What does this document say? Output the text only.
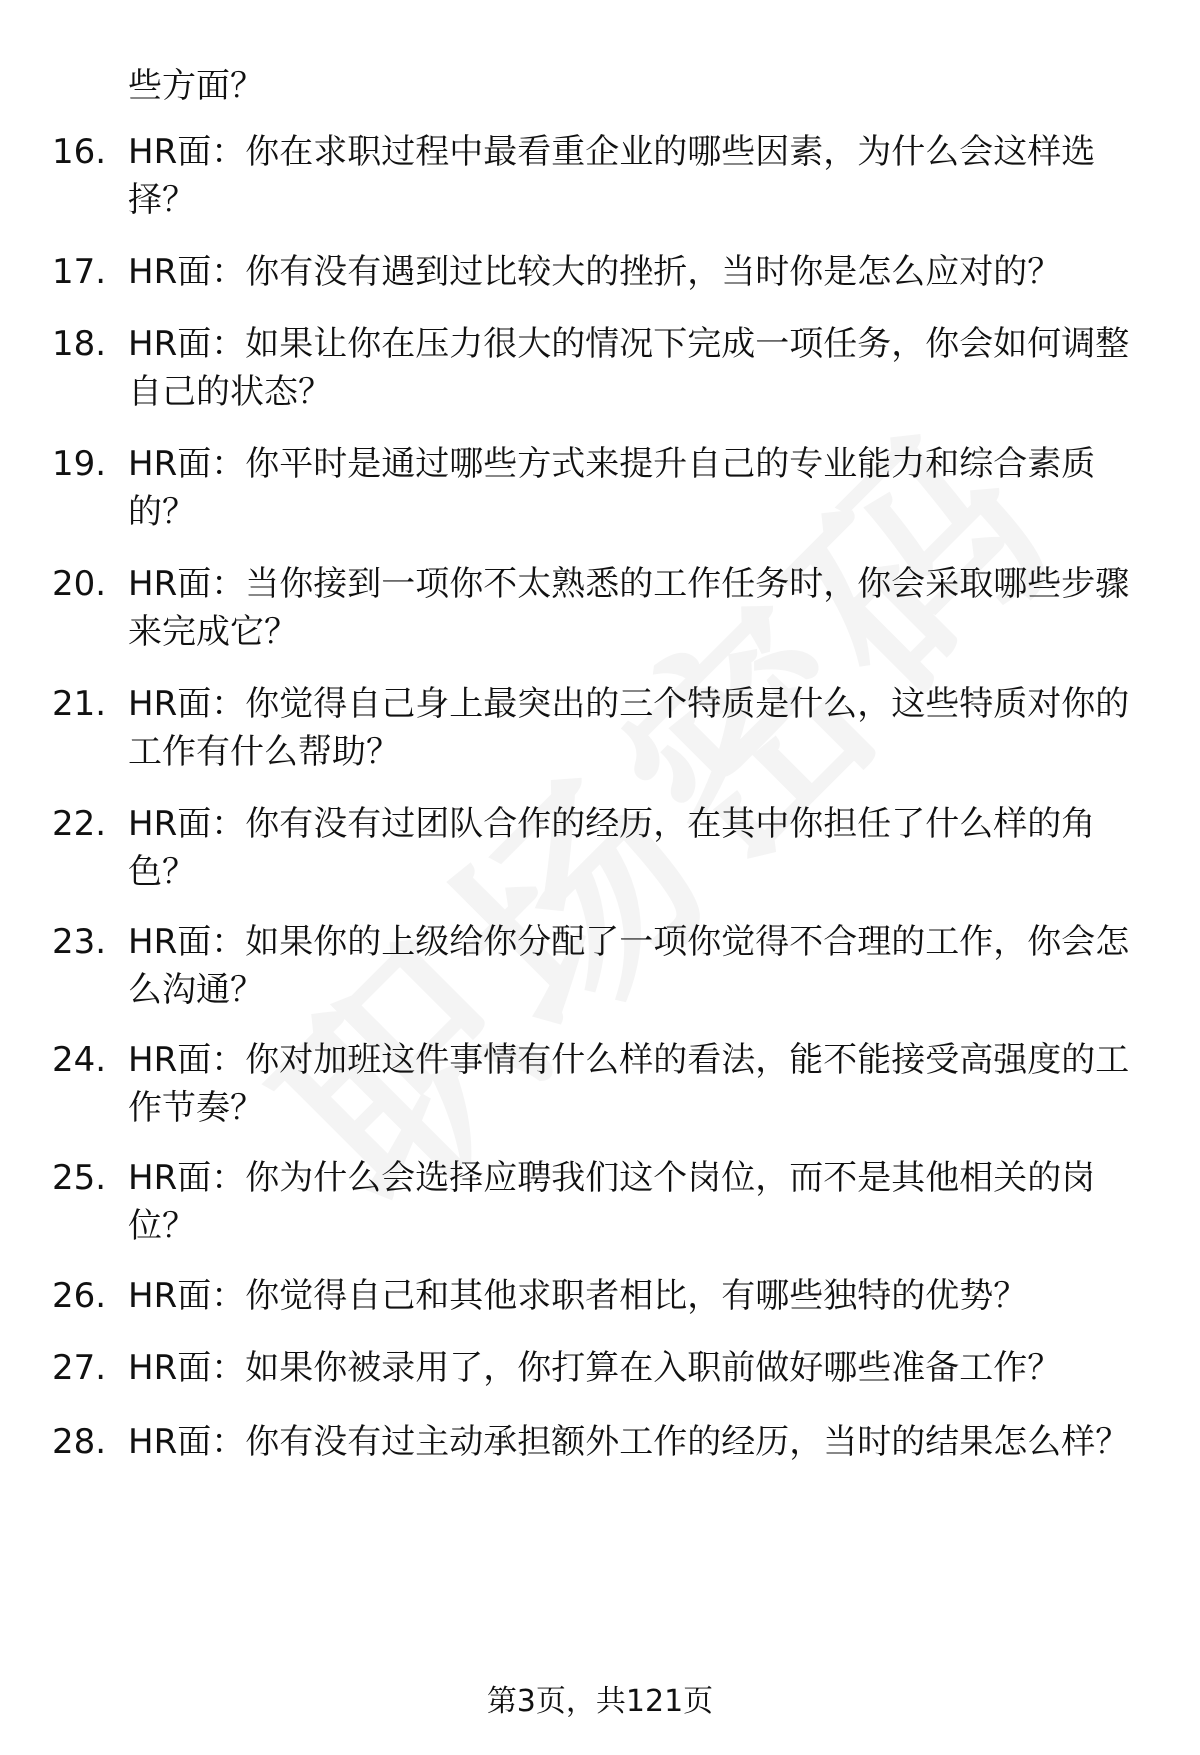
些方面？
16. HR面：你在求职过程中最看重企业的哪些因素，为什么会这样选择？
17. HR面：你有没有遇到过比较大的挫折，当时你是怎么应对的？
18. HR面：如果让你在压力很大的情况下完成一项任务，你会如何调整自己的状态？
19. HR面：你平时是通过哪些方式来提升自己的专业能力和综合素质的？
20. HR面：当你接到一项你不太熟悉的工作任务时，你会采取哪些步骤来完成它？
21. HR面：你觉得自己身上最突出的三个特质是什么，这些特质对你的工作有什么帮助？
22. HR面：你有没有过团队合作的经历，在其中你担任了什么样的角色？
23. HR面：如果你的上级给你分配了一项你觉得不合理的工作，你会怎么沟通？
24. HR面：你对加班这件事情有什么样的看法，能不能接受高强度的工作节奏？
25. HR面：你为什么会选择应聘我们这个岗位，而不是其他相关的岗位？
26. HR面：你觉得自己和其他求职者相比，有哪些独特的优势？
27. HR面：如果你被录用了，你打算在入职前做好哪些准备工作？
28. HR面：你有没有过主动承担额外工作的经历，当时的结果怎么样？
第3页，共121页
